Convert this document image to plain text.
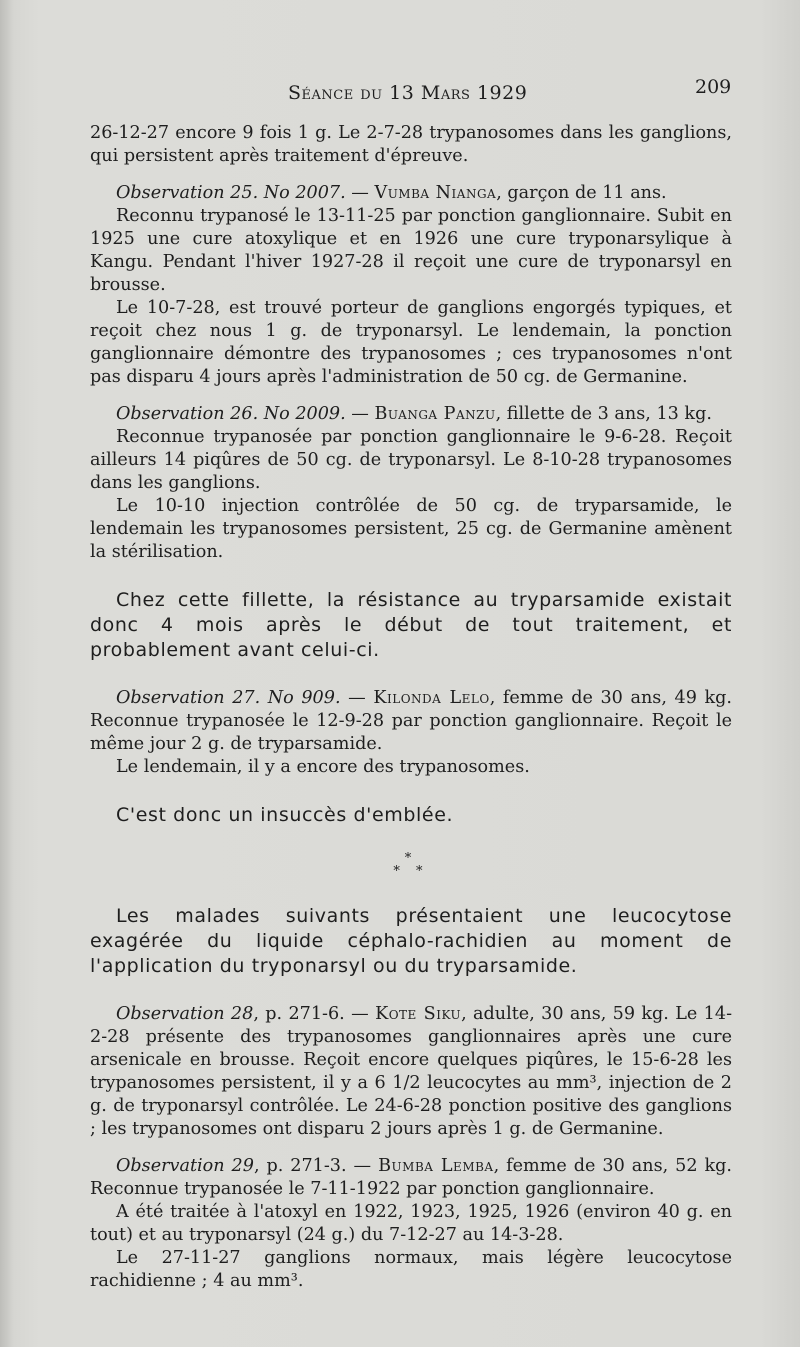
Séance du 13 Mars 1929	209

26-12-27 encore 9 fois 1 g. Le 2-7-28 trypanosomes dans les ganglions, qui persistent après traitement d'épreuve.

Observation 25. No 2007. — Vumba Nianga, garçon de 11 ans.

Reconnu trypanosé le 13-11-25 par ponction ganglionnaire. Subit en 1925 une cure atoxylique et en 1926 une cure tryponarsylique à Kangu. Pendant l'hiver 1927-28 il reçoit une cure de tryponarsyl en brousse.

Le 10-7-28, est trouvé porteur de ganglions engorgés typiques, et reçoit chez nous 1 g. de tryponarsyl. Le lendemain, la ponction ganglionnaire démontre des trypanosomes ; ces trypanosomes n'ont pas disparu 4 jours après l'administration de 50 cg. de Germanine.

Observation 26. No 2009. — Buanga Panzu, fillette de 3 ans, 13 kg.

Reconnue trypanosée par ponction ganglionnaire le 9-6-28. Reçoit ailleurs 14 piqûres de 50 cg. de tryponarsyl. Le 8-10-28 trypanosomes dans les ganglions.

Le 10-10 injection contrôlée de 50 cg. de tryparsamide, le lendemain les trypanosomes persistent, 25 cg. de Germanine amènent la stérilisation.

Chez cette fillette, la résistance au tryparsamide existait donc 4 mois après le début de tout traitement, et probablement avant celui-ci.

Observation 27. No 909. — Kilonda Lelo, femme de 30 ans, 49 kg. Reconnue trypanosée le 12-9-28 par ponction ganglionnaire. Reçoit le même jour 2 g. de tryparsamide.

Le lendemain, il y a encore des trypanosomes.

C'est donc un insuccès d'emblée.

*
* *

Les malades suivants présentaient une leucocytose exagérée du liquide céphalo-rachidien au moment de l'application du tryponarsyl ou du tryparsamide.

Observation 28, p. 271-6. — Kote Siku, adulte, 30 ans, 59 kg. Le 14-2-28 présente des trypanosomes ganglionnaires après une cure arsenicale en brousse. Reçoit encore quelques piqûres, le 15-6-28 les trypanosomes persistent, il y a 6 1/2 leucocytes au mm³, injection de 2 g. de tryponarsyl contrôlée. Le 24-6-28 ponction positive des ganglions ; les trypanosomes ont disparu 2 jours après 1 g. de Germanine.

Observation 29, p. 271-3. — Bumba Lemba, femme de 30 ans, 52 kg. Reconnue trypanosée le 7-11-1922 par ponction ganglionnaire.

A été traitée à l'atoxyl en 1922, 1923, 1925, 1926 (environ 40 g. en tout) et au tryponarsyl (24 g.) du 7-12-27 au 14-3-28.

Le 27-11-27 ganglions normaux, mais légère leucocytose rachidienne ; 4 au mm³.
